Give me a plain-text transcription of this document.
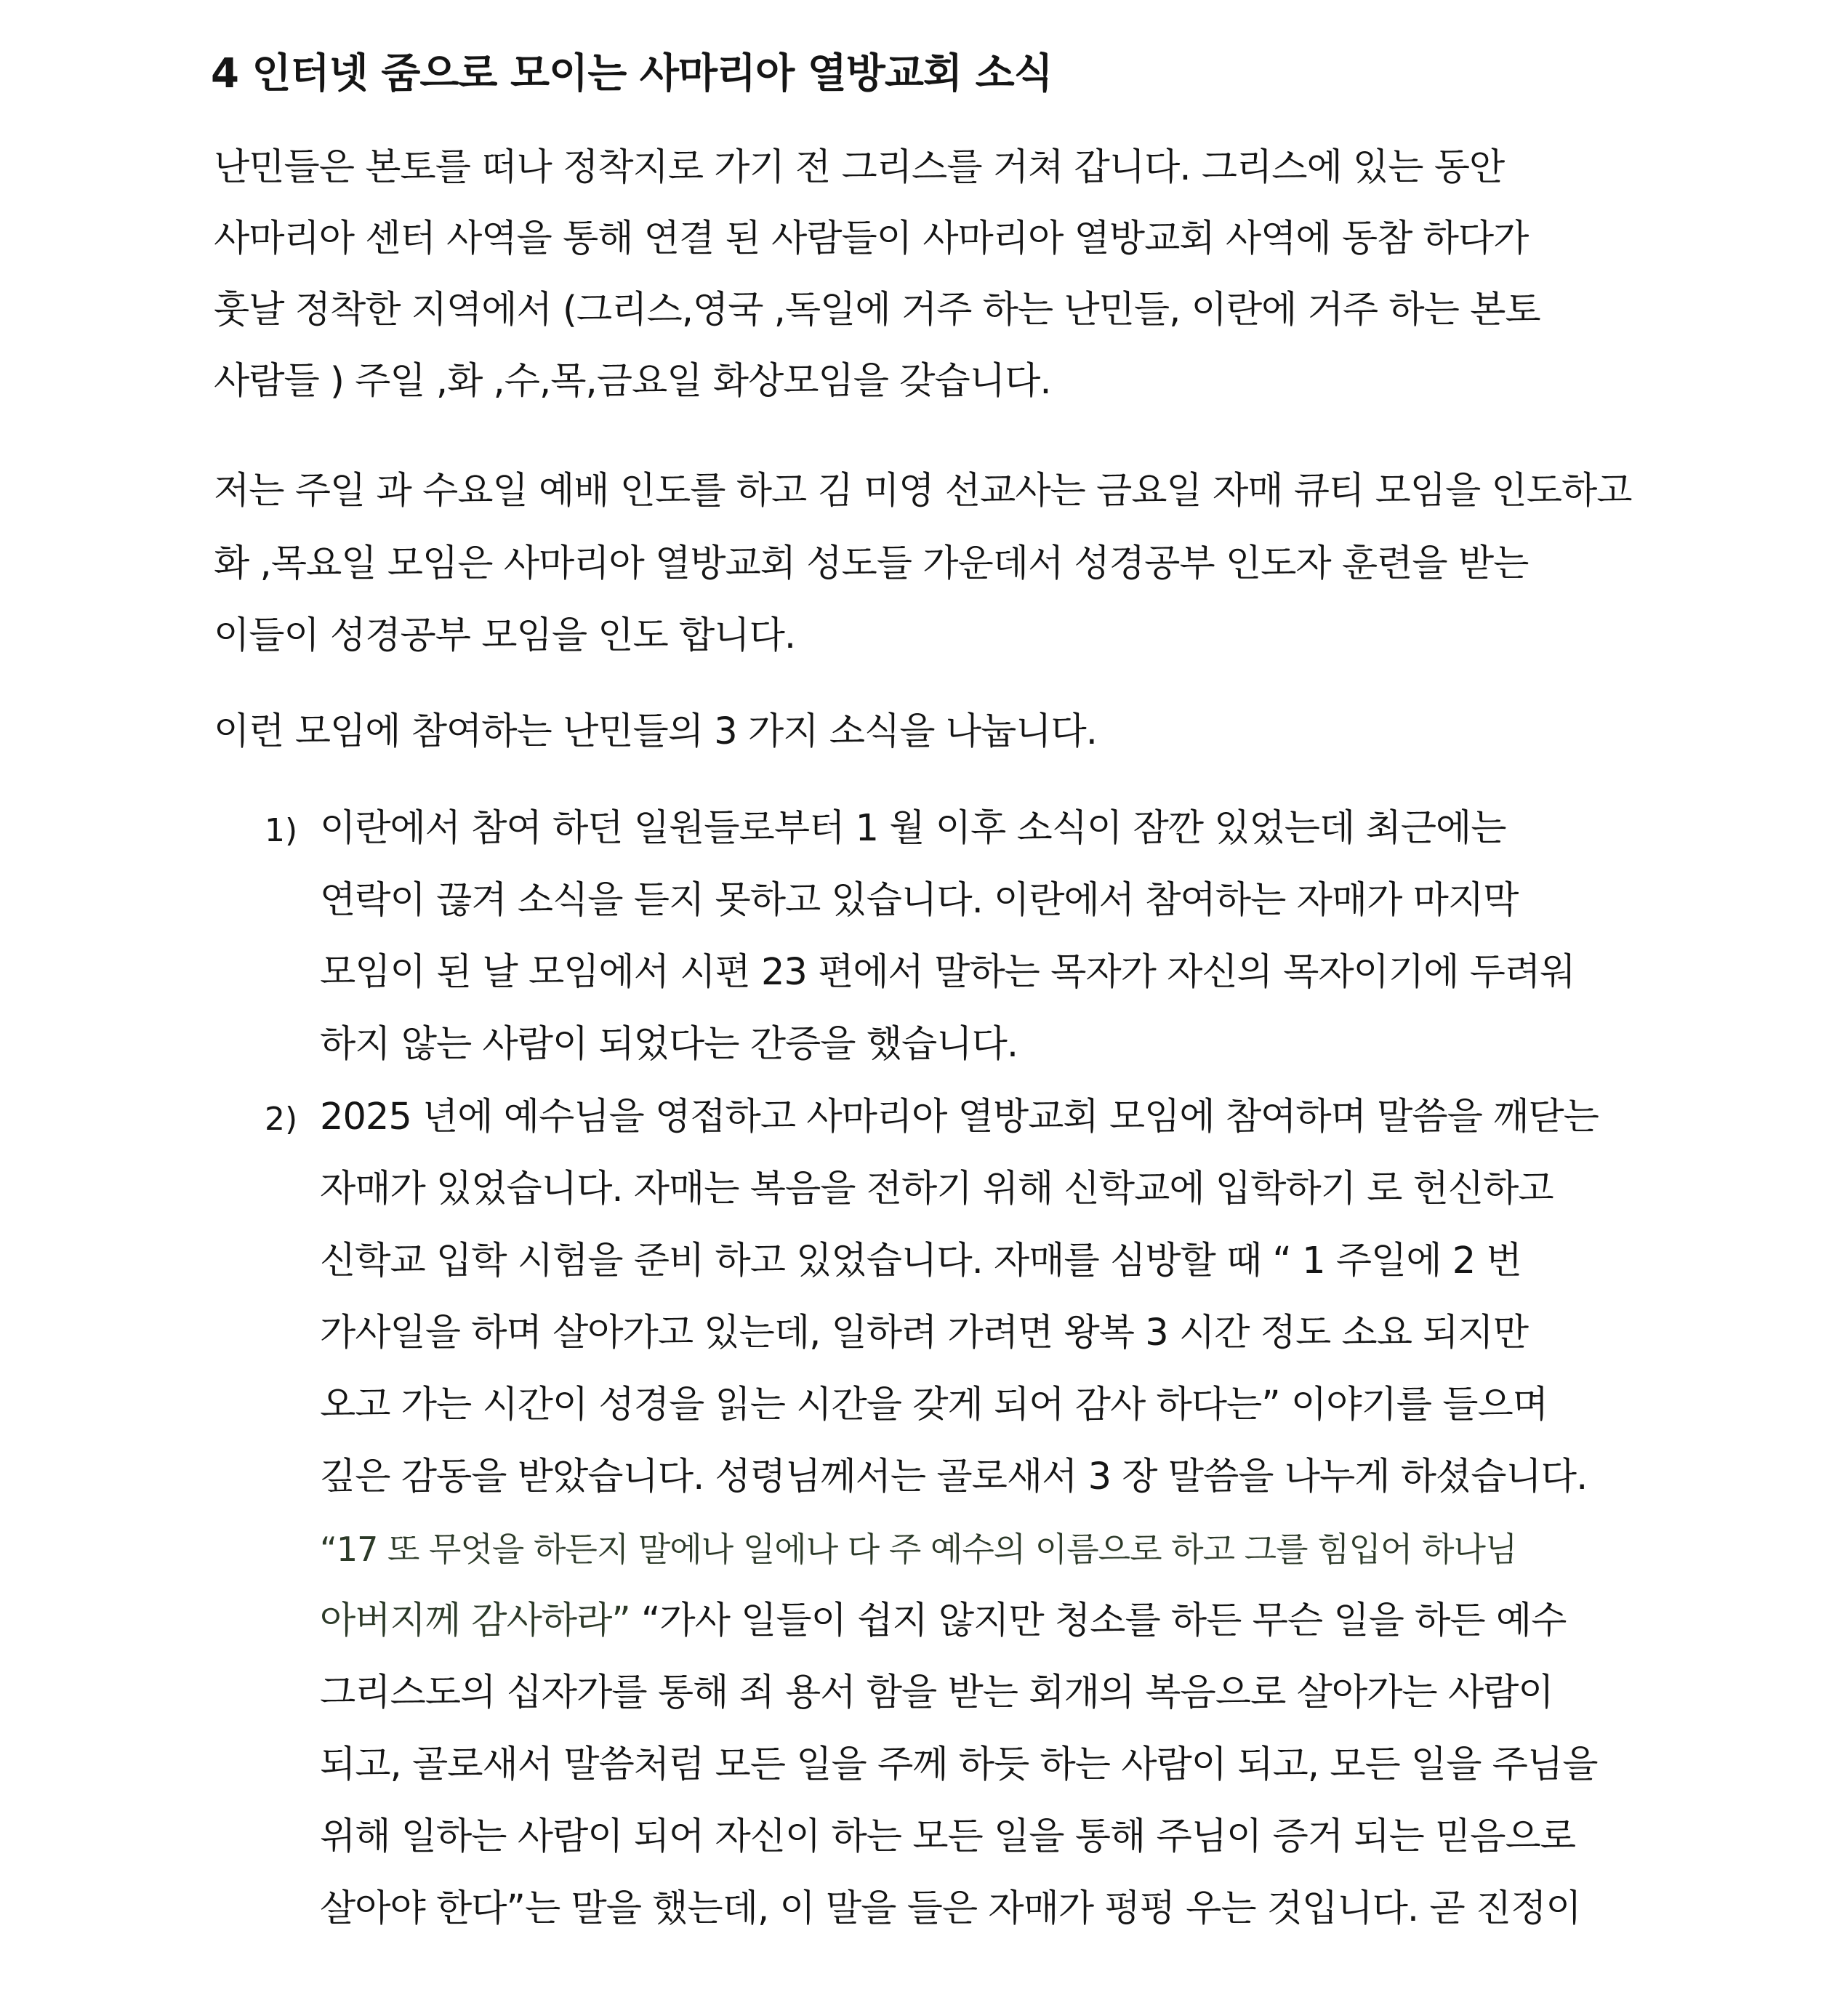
4 인터넷 줌으로 모이는 사마리아 열방교회 소식

난민들은 본토를 떠나 정착지로 가기 전 그리스를 거쳐 갑니다. 그리스에 있는 동안

사마리아 센터 사역을 통해 연결 된 사람들이 사마리아 열방교회 사역에 동참 하다가

훗날 정착한 지역에서 (그리스,영국 ,독일에 거주 하는 난민들, 이란에 거주 하는 본토

사람들 ) 주일 ,화 ,수,목,금요일 화상모임을 갖습니다.

저는 주일 과 수요일 예배 인도를 하고 김 미영 선교사는 금요일 자매 큐티 모임을 인도하고

화 ,목요일 모임은 사마리아 열방교회 성도들 가운데서 성경공부 인도자 훈련을 받는

이들이 성경공부 모임을 인도 합니다.

이런 모임에 참여하는 난민들의 3 가지 소식을 나눕니다.

1) 이란에서 참여 하던 일원들로부터 1 월 이후 소식이 잠깐 있었는데 최근에는

연락이 끊겨 소식을 듣지 못하고 있습니다. 이란에서 참여하는 자매가 마지막

모임이 된 날 모임에서 시편 23 편에서 말하는 목자가 자신의 목자이기에 두려워

하지 않는 사람이 되었다는 간증을 했습니다.

2) 2025 년에 예수님을 영접하고 사마리아 열방교회 모임에 참여하며 말씀을 깨닫는

자매가 있었습니다. 자매는 복음을 전하기 위해 신학교에 입학하기 로 헌신하고

신학교 입학 시험을 준비 하고 있었습니다. 자매를 심방할 때 “ 1 주일에 2 번

가사일을 하며 살아가고 있는데, 일하려 가려면 왕복 3 시간 정도 소요 되지만

오고 가는 시간이 성경을 읽는 시간을 갖게 되어 감사 하다는” 이야기를 들으며

깊은 감동을 받았습니다. 성령님께서는 골로새서 3 장 말씀을 나누게 하셨습니다.

“17 또 무엇을 하든지 말에나 일에나 다 주 예수의 이름으로 하고 그를 힘입어 하나님

아버지께 감사하라” “가사 일들이 쉽지 않지만 청소를 하든 무슨 일을 하든 예수

그리스도의 십자가를 통해 죄 용서 함을 받는 회개의 복음으로 살아가는 사람이

되고, 골로새서 말씀처럼 모든 일을 주께 하듯 하는 사람이 되고, 모든 일을 주님을

위해 일하는 사람이 되어 자신이 하는 모든 일을 통해 주님이 증거 되는 믿음으로

살아야 한다”는 말을 했는데, 이 말을 들은 자매가 펑펑 우는 것입니다. 곧 진정이
